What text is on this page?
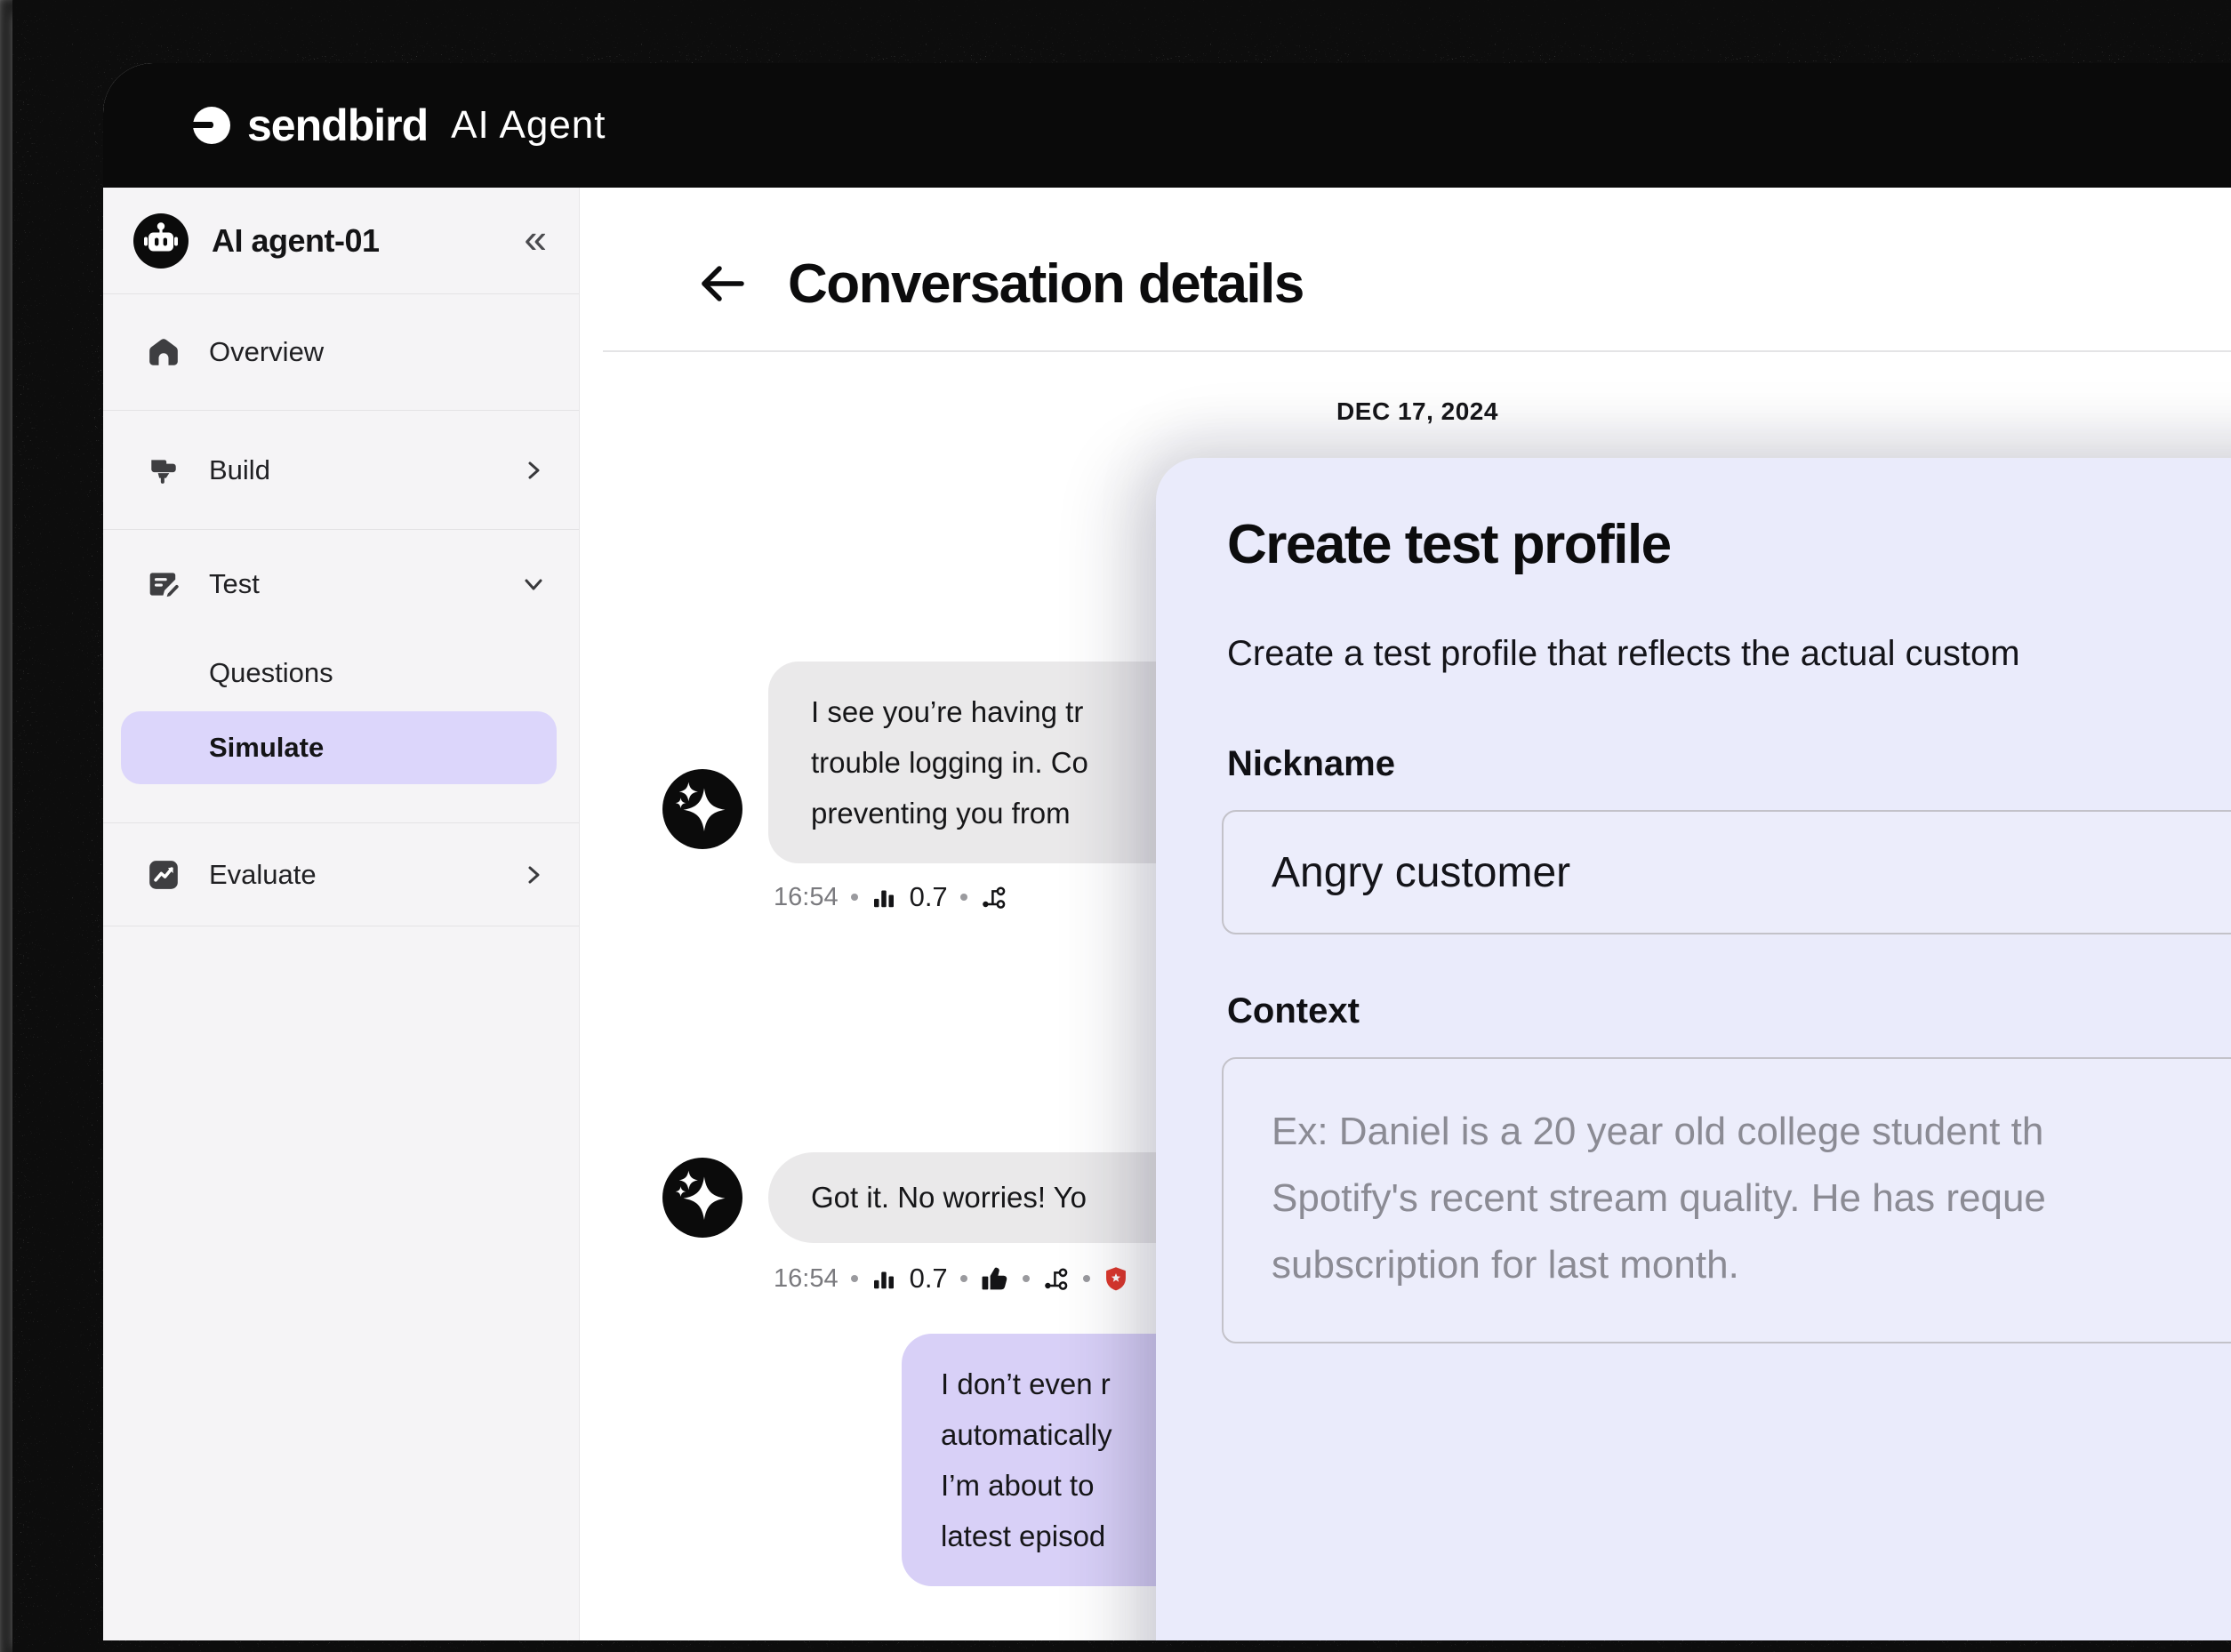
sendbird AI Agent
AI agent-01	«
Overview
Build
Test
Questions
Simulate
Evaluate
Conversation details
DEC 17, 2024
I see you’re having tr
trouble logging in. Co
preventing you from
16:54	0.7
Got it. No worries! Yo
16:54	0.7
I don’t even r
automatically
I’m about to
latest episod
Create test profile
Create a test profile that reflects the actual custom
Nickname
Angry customer
Context
Ex: Daniel is a 20 year old college student th
Spotify's recent stream quality. He has reque
subscription for last month.
